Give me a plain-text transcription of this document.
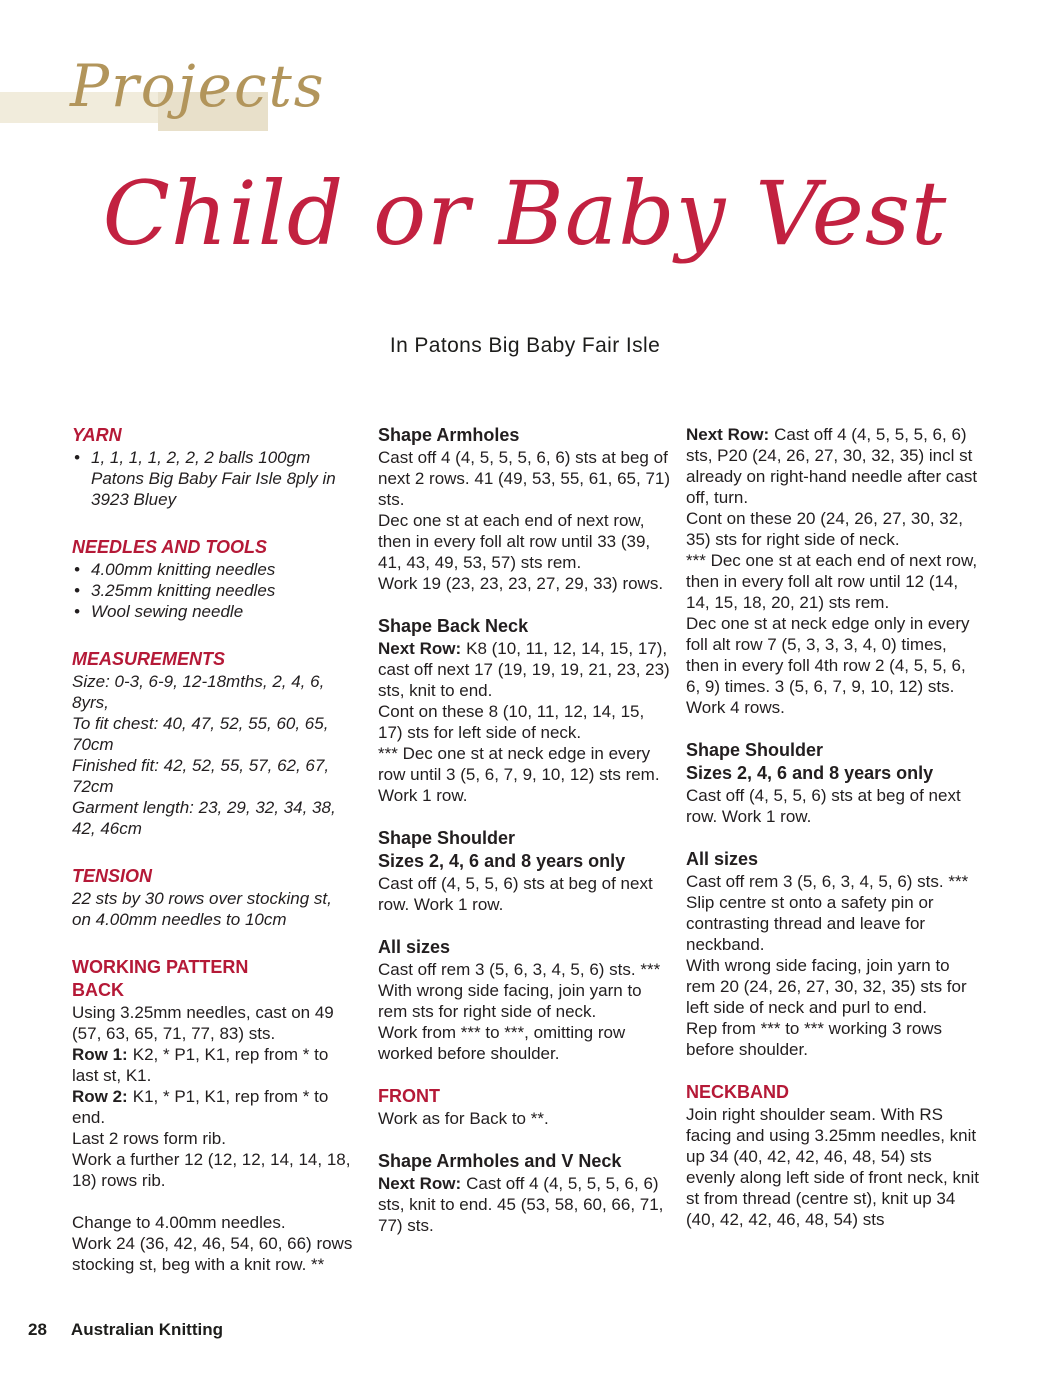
Projects
Child or Baby Vest
In Patons Big Baby Fair Isle
YARN
• 1, 1, 1, 1, 2, 2, 2 balls 100gm Patons Big Baby Fair Isle 8ply in 3923 Bluey
NEEDLES AND TOOLS
• 4.00mm knitting needles
• 3.25mm knitting needles
• Wool sewing needle
MEASUREMENTS
Size: 0-3, 6-9, 12-18mths, 2, 4, 6, 8yrs,
To fit chest: 40, 47, 52, 55, 60, 65, 70cm
Finished fit: 42, 52, 55, 57, 62, 67, 72cm
Garment length: 23, 29, 32, 34, 38, 42, 46cm
TENSION
22 sts by 30 rows over stocking st, on 4.00mm needles to 10cm
WORKING PATTERN
BACK
Using 3.25mm needles, cast on 49 (57, 63, 65, 71, 77, 83) sts.
Row 1: K2, * P1, K1, rep from * to last st, K1.
Row 2: K1, * P1, K1, rep from * to end.
Last 2 rows form rib.
Work a further 12 (12, 12, 14, 14, 18, 18) rows rib.
Change to 4.00mm needles.
Work 24 (36, 42, 46, 54, 60, 66) rows stocking st, beg with a knit row. **
Shape Armholes
Cast off 4 (4, 5, 5, 5, 6, 6) sts at beg of next 2 rows. 41 (49, 53, 55, 61, 65, 71) sts.
Dec one st at each end of next row, then in every foll alt row until 33 (39, 41, 43, 49, 53, 57) sts rem.
Work 19 (23, 23, 23, 27, 29, 33) rows.
Shape Back Neck
Next Row: K8 (10, 11, 12, 14, 15, 17), cast off next 17 (19, 19, 19, 21, 23, 23) sts, knit to end.
Cont on these 8 (10, 11, 12, 14, 15, 17) sts for left side of neck.
*** Dec one st at neck edge in every row until 3 (5, 6, 7, 9, 10, 12) sts rem.
Work 1 row.
Shape Shoulder
Sizes 2, 4, 6 and 8 years only
Cast off (4, 5, 5, 6) sts at beg of next row. Work 1 row.
All sizes
Cast off rem 3 (5, 6, 3, 4, 5, 6) sts. ***
With wrong side facing, join yarn to rem sts for right side of neck.
Work from *** to ***, omitting row worked before shoulder.
FRONT
Work as for Back to **.
Shape Armholes and V Neck
Next Row: Cast off 4 (4, 5, 5, 5, 6, 6) sts, knit to end. 45 (53, 58, 60, 66, 71, 77) sts.
Next Row: Cast off 4 (4, 5, 5, 5, 6, 6) sts, P20 (24, 26, 27, 30, 32, 35) incl st already on right-hand needle after cast off, turn.
Cont on these 20 (24, 26, 27, 30, 32, 35) sts for right side of neck.
*** Dec one st at each end of next row, then in every foll alt row until 12 (14, 14, 15, 18, 20, 21) sts rem.
Dec one st at neck edge only in every foll alt row 7 (5, 3, 3, 3, 4, 0) times, then in every foll 4th row 2 (4, 5, 5, 6, 6, 9) times. 3 (5, 6, 7, 9, 10, 12) sts.
Work 4 rows.
Shape Shoulder
Sizes 2, 4, 6 and 8 years only
Cast off (4, 5, 5, 6) sts at beg of next row. Work 1 row.
All sizes
Cast off rem 3 (5, 6, 3, 4, 5, 6) sts. ***
Slip centre st onto a safety pin or contrasting thread and leave for neckband.
With wrong side facing, join yarn to rem 20 (24, 26, 27, 30, 32, 35) sts for left side of neck and purl to end.
Rep from *** to *** working 3 rows before shoulder.
NECKBAND
Join right shoulder seam. With RS facing and using 3.25mm needles, knit up 34 (40, 42, 42, 46, 48, 54) sts evenly along left side of front neck, knit st from thread (centre st), knit up 34 (40, 42, 42, 46, 48, 54) sts
28 Australian Knitting
